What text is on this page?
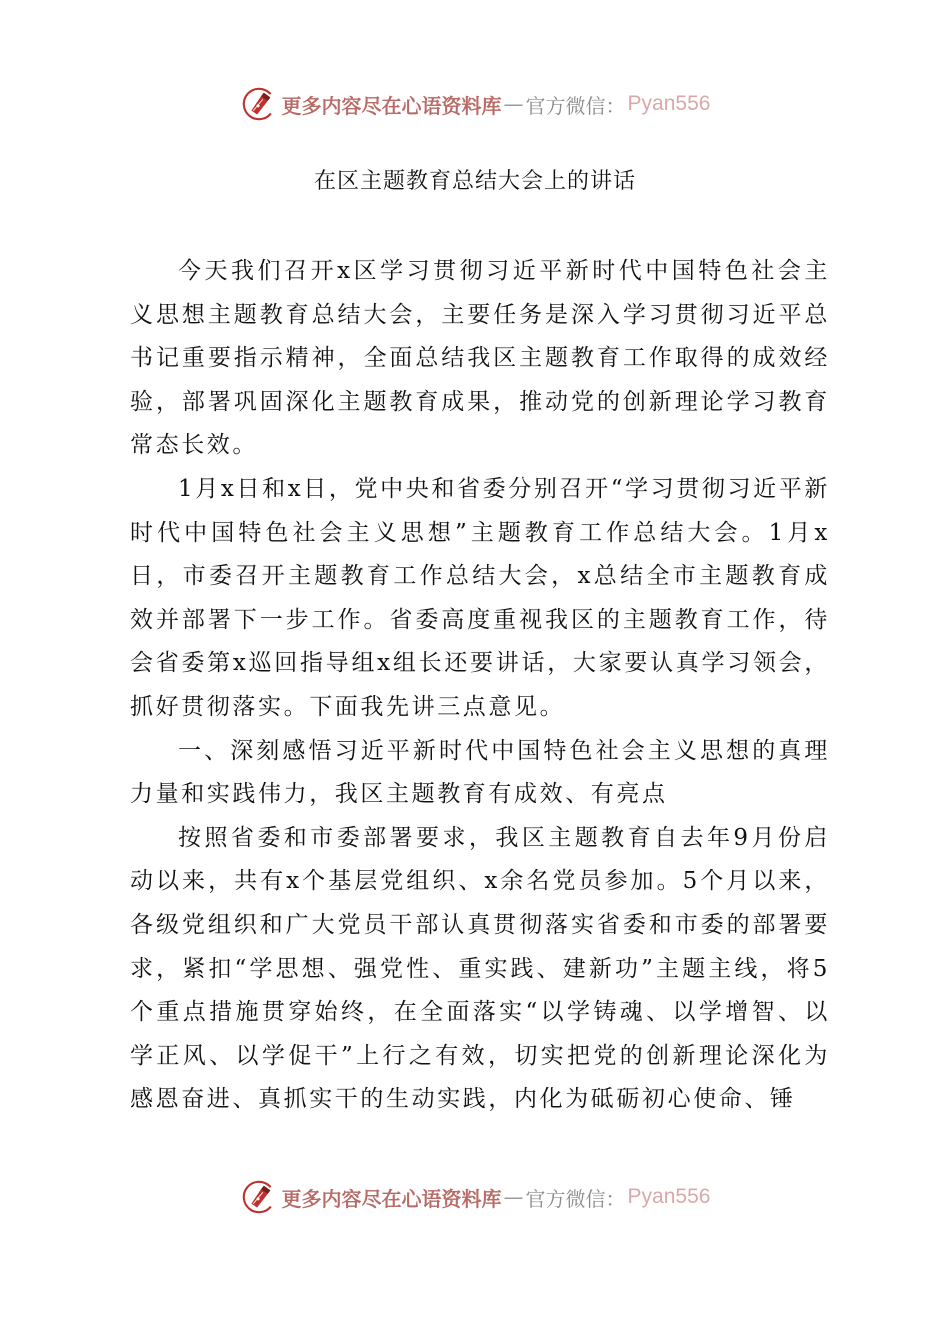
更多内容尽在心语资料库 — 官方微信： Pyan556
在区主题教育总结大会上的讲话

今天我们召开x区学习贯彻习近平新时代中国特色社会主义思想主题教育总结大会，主要任务是深入学习贯彻习近平总书记重要指示精神，全面总结我区主题教育工作取得的成效经验，部署巩固深化主题教育成果，推动党的创新理论学习教育常态长效。

1月x日和x日，党中央和省委分别召开“学习贯彻习近平新时代中国特色社会主义思想”主题教育工作总结大会。1月x日，市委召开主题教育工作总结大会，x总结全市主题教育成效并部署下一步工作。省委高度重视我区的主题教育工作，待会省委第x巡回指导组x组长还要讲话，大家要认真学习领会，抓好贯彻落实。下面我先讲三点意见。

一、深刻感悟习近平新时代中国特色社会主义思想的真理力量和实践伟力，我区主题教育有成效、有亮点

按照省委和市委部署要求，我区主题教育自去年9月份启动以来，共有x个基层党组织、x余名党员参加。5个月以来，各级党组织和广大党员干部认真贯彻落实省委和市委的部署要求，紧扣“学思想、强党性、重实践、建新功”主题主线，将5个重点措施贯穿始终，在全面落实“以学铸魂、以学增智、以学正风、以学促干”上行之有效，切实把党的创新理论深化为感恩奋进、真抓实干的生动实践，内化为砥砺初心使命、锤

更多内容尽在心语资料库 — 官方微信： Pyan556
